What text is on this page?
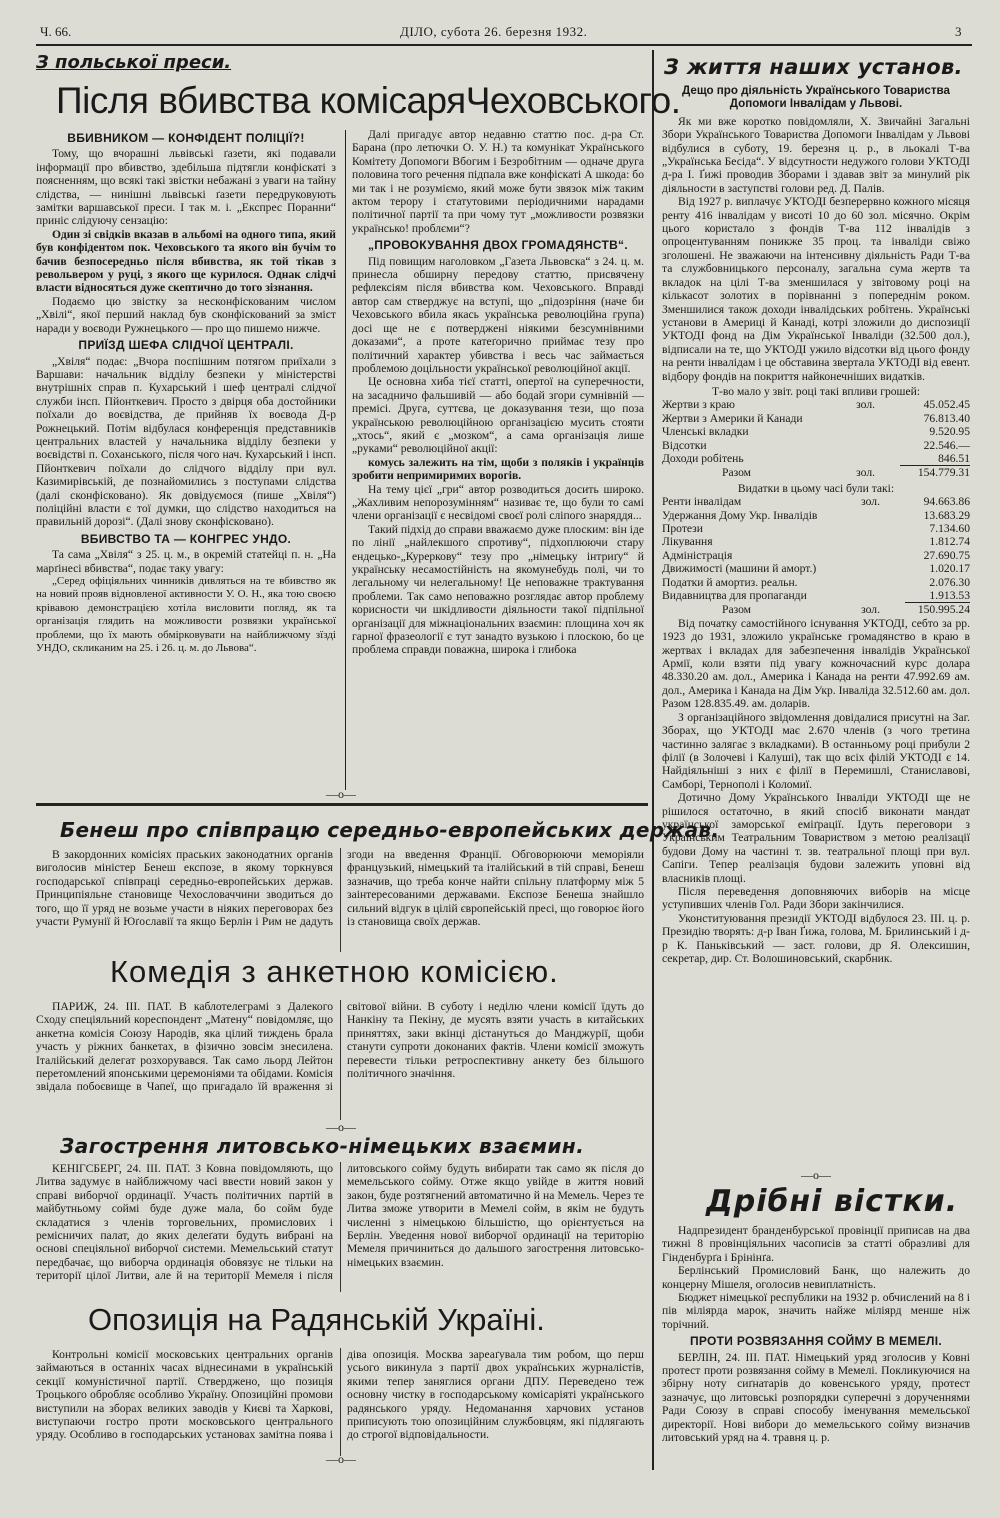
Ч. 66.	ДІЛО, субота 26. березня 1932.	3
З польської преси.
Після вбивства комісаряЧеховського.
ВБИВНИКОМ — КОНФІДЕНТ ПОЛІЦІЇ?!

Тому, що вчорашні львівські ґазети, які подавали інформації про вбивство, здебільша підтягли конфіскаті з поясненням, що всякі такі звістки небажані з уваги на тайну слідства, — нинішні львівські ґазети передруковують замітки варшавської преси. І так м. і. „Експрес Поранни“ приніс слідуючу сензацію:

Один зі свідків вказав в альбомі на одного типа, який був конфідентом пок. Чеховського та якого він бучім то бачив безпосередньо після вбивства, як той тікав з револьвером у руці, з якого ще курилося. Однак слідчі власти відносяться дуже скептично до того зізнання.

Подаємо цю звістку за несконфіскованим числом „Хвілі“, якої перший наклад був сконфіскований за зміст наради у воєводи Ружнецького — про що пишемо нижче.

ПРИЇЗД ШЕФА СЛІДЧОЇ ЦЕНТРАЛІ.

„Хвіля“ подає: „Вчора поспішним потягом приїхали з Варшави: начальник відділу безпеки у міністерстві внутрішніх справ п. Кухарський і шеф централі слідчої служби інсп. Пйонткевич. Просто з двірця оба достойники поїхали до воєвідства, де прийняв їх воєвода Д-р Рожнецький. Потім відбулася конференція представників центральних властей у начальника відділу безпеки у воєвідстві п. Соханського, після чого нач. Кухарський і інсп. Пйонткевич поїхали до слідчого відділу при вул. Казимирівській, де познайомились з поступами слідства (далі сконфісковано). Як довідуємося (пише „Хвіля“) поліційні власти є тої думки, що слідство находиться на правильній дорозі“. (Далі знову сконфісковано).

ВБИВСТВО ТА — КОНГРЕС УНДО.

Та сама „Хвіля“ з 25. ц. м., в окремій статейці п. н. „На марґінесі вбивства“, подає таку увагу:

„Серед офіціяльних чинників дивляться на те вбивство як на новий прояв відновленої активности У. О. Н., яка тою своєю крівавою демонстрацією хотіла висловити погляд, як та організація глядить на можливости розвязки української проблеми, що їх мають обмірковувати на найближчому зїзді УНДО, скликаним на 25. і 26. ц. м. до Львова“.

Далі пригадує автор недавню статтю пос. д-ра Ст. Барана (про летючки О. У. Н.) та комунікат Українського Комітету Допомоги Вбогим і Безробітним — одначе друга половина того речення підпала вже конфіскаті А шкода: бо ми так і не розуміємо, який може бути звязок між таким актом терору і статутовими періодичними нарадами політичної партії та при чому тут „можливости розвязки українсько! проблєми“?

„ПРОВОКУВАННЯ ДВОХ ГРОМАДЯНСТВ“.

Під повищим наголовком „Газета Львовска“ з 24. ц. м. принесла обширну передову статтю, присвячену рефлексіям після вбивства ком. Чеховського. Вправді автор сам стверджує на вступі, що „підозріння (наче би Чеховського вбила якась українська революційна група) досі ще не є потверджені ніякими безсумнівними доказами“, а проте катеґорично приймає тезу про політичний характер убивства і весь час займається проблемою доцільности української революційної акції.

Це основна хиба тієї статті, опертої на суперечности, на засадничо фальшивій — або бодай згори сумнівній — премісі. Друга, суттєва, це доказування тези, що поза українською революційною організацією мусить стояти „хтось“, який є „мозком“, а сама організація лише „руками“ революційної акції:

комусь залежить на тім, щоби з поляків і українців зробити непримиримих ворогів.

На тему цієї „гри“ автор розводиться досить широко. „Жахливим непорозумінням“ називає те, що були то самі члени організації є несвідомі своєї ролі сліпого знаряддя...

Такий підхід до справи вважаємо дуже плоским: він іде по лінії „найлекшого спротиву“, підхоплюючи стару ендецько-„Куреркову“ тезу про „німецьку інтриґу“ й українську несамостійність на якомунебудь полі, чи то легальному чи нелегальному! Це неповажне трактування проблеми. Так само неповажно розглядає автор проблему корисности чи шкідливости діяльности такої підпільної організації для міжнаціональних взаємин: площина хоч як гарної фразеології є тут занадто вузькою і плоскою, бо це проблема справди поважна, широка і глибока

—o—
Бенеш про співпрацю середньо-европейських держав.

В закордонних комісіях праських законодатних органів виголосив міністер Бенеш експозе, в якому торкнувся господарської співпраці середньо-европейських держав. Принципіяльне становище Чехословаччини зводиться до того, що її уряд не возьме участи в ніяких переговорах без участи Румунії й Юґославії та якщо Берлін і Рим не дадуть згоди на введення Франції. Обговорюючи меморіяли французький, німецький та італійський в тій справі, Бенеш зазначив, що треба конче найти спільну платформу між 5 заінтересованими державами. Експозе Бенеша знайшло сильний відгук в цілій європейській пресі, що говорює його із становища своїх держав.

Комедія з анкетною комісією.

ПАРИЖ, 24. III. ПАТ. В каблотелеграмі з Далекого Сходу спеціяльний кореспондент „Матену“ повідомляє, що анкетна комісія Союзу Народів, яка цілий тиждень брала участь у ріжних банкетах, в фізично зовсім знесилена. Італійський делегат розхорувався. Так само льорд Лейтон перетомлений японськими церемоніями та обідами. Комісія звідала побоєвище в Чапеї, що пригадало їй враження зі світової війни. В суботу і неділю члени комісії їдуть до Нанкіну та Пекіну, де мусять взяти участь в китайських приняттях, заки вкінці дістануться до Манджурії, щоби станути супроти доконаних фактів. Члени комісії зможуть перевести тільки ретроспективну анкету без більшого політичного значіння.

—o—
Загострення литовсько-німецьких взаємин.

КЕНІГСБЕРГ, 24. III. ПАТ. З Ковна повідомляють, що Литва задумує в найближчому часі ввести новий закон у справі виборчої ординації. Участь політичних партій в майбутньому соймі буде дуже мала, бо сойм буде складатися з членів торговельних, промислових і ремісничих палат, до яких делеґати будуть вибрані на основі спеціяльної виборчої системи. Мемельський статут передбачає, що виборча ординація обовязує не тільки на території цілої Литви, але й на території Мемеля і після литовського сойму будуть вибирати так само як після до мемельського сойму. Отже якщо увійде в життя новий закон, буде розтягнений автоматично й на Мемель. Через те Литва зможе утворити в Мемелі сойм, в якім не будуть численні з німецькою більшістю, що орієнтується на Берлін. Уведення нової виборчої ординації на територію Мемеля причиниться до дальшого загострення литовсько-німецьких взаємин.

Опозиція на Радянській Україні.

Контрольні комісії московських центральних органів займаються в останніх часах віднесинами в українській секції комуністичної партії. Стверджено, що позиція Троцького обробляє особливо Україну. Опозиційні промови виступили на зборах великих заводів у Києві та Харкові, виступаючи гостро проти московського центрального уряду. Особливо в господарських установах замітна поява і діва опозиція. Москва зареаґувала тим робом, що перш усього викинула з партії двох українських журналістів, якими тепер заняглися органи ДПУ. Переведено теж основну чистку в господарському комісаріяті українського радянського уряду. Недоманання харчових установ приписують тою опозиційним службовцям, які підлягають до строгої відповідальности.

—o—
З життя наших установ.
Дещо про діяльність Українського Товариства Допомоги Інвалідам у Львові.

Як ми вже коротко повідомляли, Х. Звичайні Загальні Збори Українського Товариства Допомоги Інвалідам у Львові відбулися в суботу, 19. березня ц. р., в льокалі Т-ва „Українська Бесіда“. У відсутности недужого голови УКТОДІ д-ра І. Ґижі проводив Зборами і здавав звіт за минулий рік діяльности в заступстві голови ред. Д. Палів.

Від 1927 р. виплачує УКТОДІ безперервно кожного місяця ренту 416 інвалідам у висоті 10 до 60 зол. місячно. Окрім цього користало з фондів Т-ва 112 інвалідів з опроцентуванням поникже 35 проц. та інваліди свіжо зголошені. Не зважаючи на інтенсивну діяльність Ради Т-ва та службовницького персоналу, загальна сума жертв та вкладок на цілі Т-ва зменшилася у звітовому році на кількасот золотих в порівнанні з попереднім роком. Зменшилися також доходи інвалідських робітень. Українські установи в Америці й Канаді, котрі зложили до диспозиції УКТОДІ фонд на Дім Української Інваліди (32.500 дол.), відписали на те, що УКТОДІ ужило відсотки від цього фонду на ренти інвалідам і це обставина звертала УКТОДІ від евент. відбору фондів на покриття найконечніших видатків.

Т-во мало у звіт. році такі впливи грошей:
Жертви з краю	зол.	45.052.45
Жертви з Америки й Канади		76.813.40
Членські вкладки		9.520.95
Відсотки		22.546.—
Доходи робітень		846.51
Разом	зол.	154.779.31
Видатки в цьому часі були такі:
Ренти інвалідам	зол.	94.663.86
Удержання Дому Укр. Інвалідів		13.683.29
Протези		7.134.60
Лікування		1.812.74
Адміністрація		27.690.75
Движимості (машини й аморт.)		1.020.17
Податки й амортиз. реальн.		2.076.30
Видавництва для пропаганди		1.913.53
Разом	зол.	150.995.24

Від початку самостійного існування УКТОДІ, себто за рр. 1923 до 1931, зложило українське громадянство в краю в жертвах і вкладах для забезпечення інвалідів Української Армії, коли взяти під увагу кожночасний курс долара 48.330.20 ам. дол., Америка і Канада на ренти 47.992.69 ам. дол., Америка і Канада на Дім Укр. Інваліда 32.512.60 ам. дол. Разом 128.835.49. ам. доларів.

З організаційного звідомлення довідалися присутні на Заг. Зборах, що УКТОДІ має 2.670 членів (з чого третина частинно залягає з вкладками). В останньому році прибули 2 філії (в Золочеві і Калуші), так що всіх філій УКТОДІ є 14. Найдіяльніші з них є філії в Перемишлі, Станиславові, Самборі, Тернополі і Коломиї.

Дотично Дому Українського Інваліди УКТОДІ ще не рішилося остаточно, в який спосіб виконати мандат української заморської еміґрації. Ідуть переговори з Українським Театральним Товариством з метою реалізації будови Дому на частині т. зв. театральної площі при вул. Сапіги. Тепер реалізація будови залежить уповні від власників площі.

Після переведення доповняючих виборів на місце уступивших членів Гол. Ради Збори закінчилися.

Уконституювання президії УКТОДІ відбулося 23. III. ц. р. Президію творять: д-р Іван Ґижа, голова, М. Брилинський і д-р К. Паньківський — заст. голови, др Я. Олексишин, секретар, дир. Ст. Волошиновський, скарбник.

—o—
Дрібні вістки.

Надпрезидент бранденбурської провінції приписав на два тижні 8 провінціяльних часописів за статті образливі для Гінденбурґа і Брінінґа.

Берлінський Промисловий Банк, що належить до концерну Мішеля, оголосив невиплатність.

Бюджет німецької республики на 1932 р. обчислений на 8 і пів міліярда марок, значить найже міліярд менше ніж торічний.

ПРОТИ РОЗВЯЗАННЯ СОЙМУ В МЕМЕЛІ.

БЕРЛІН, 24. III. ПАТ. Німецький уряд зголосив у Ковні протест проти розвязання сойму в Мемелі. Покликуючися на збірну ноту сиґнатарів до ковенського уряду, протест зазначує, що литовські розпорядки суперечні з дорученнями Ради Союзу в справі способу іменування мемельської директорії. Нові вибори до мемельського сойму визначив литовський уряд на 4. травня ц. р.
